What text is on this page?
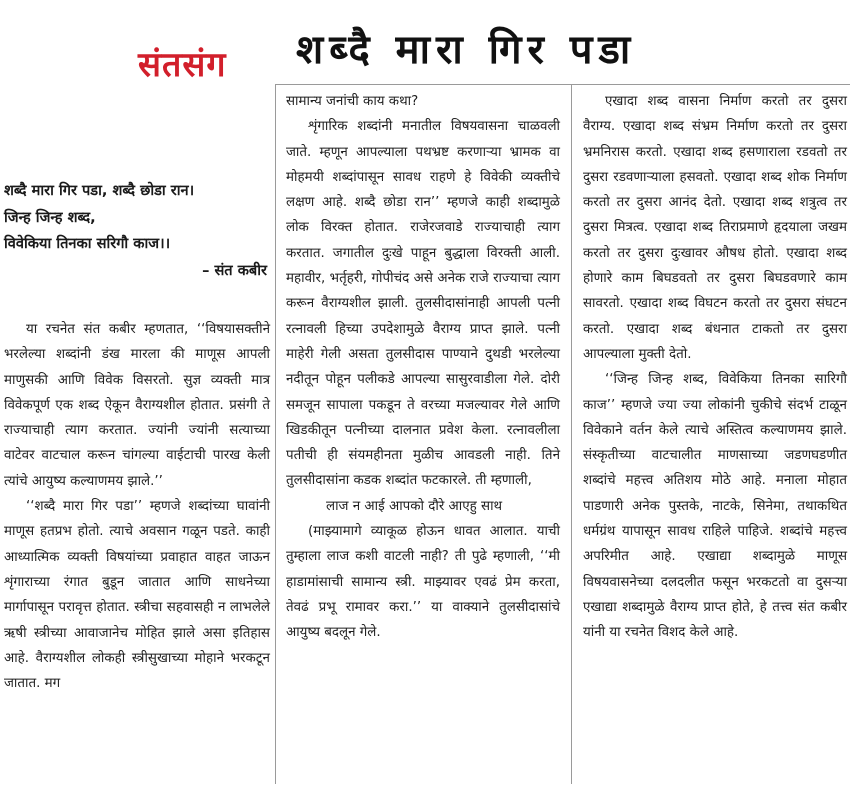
संतसंग शब्दै मारा गिर पडा
शब्दै मारा गिर पडा, शब्दै छोडा रान।
जिन्ह जिन्ह शब्द,
विवेकिया तिनका सरिगौ काज।।
– संत कबीर

या रचनेत संत कबीर म्हणतात, ‘‘विषयासक्तीने भरलेल्या शब्दांनी डंख मारला की माणूस आपली माणुसकी आणि विवेक विसरतो. सुज्ञ व्यक्ती मात्र विवेकपूर्ण एक शब्द ऐकून वैराग्यशील होतात. प्रसंगी ते राज्याचाही त्याग करतात. ज्यांनी ज्यांनी सत्याच्या वाटेवर वाटचाल करून चांगल्या वाईटाची पारख केली त्यांचे आयुष्य कल्याणमय झाले.’’

‘‘शब्दै मारा गिर पडा’’ म्हणजे शब्दांच्या घावांनी माणूस हतप्रभ होतो. त्याचे अवसान गळून पडते. काही आध्यात्मिक व्यक्ती विषयांच्या प्रवाहात वाहत जाऊन शृंगाराच्या रंगात बुडून जातात आणि साधनेच्या मार्गापासून परावृत्त होतात. स्त्रीचा सहवासही न लाभलेले ऋषी स्त्रीच्या आवाजानेच मोहित झाले असा इतिहास आहे. वैराग्यशील लोकही स्त्रीसुखाच्या मोहाने भरकटून जातात. मग

सामान्य जनांची काय कथा?

शृंगारिक शब्दांनी मनातील विषयवासना चाळवली जाते. म्हणून आपल्याला पथभ्रष्ट करणाऱ्या भ्रामक वा मोहमयी शब्दांपासून सावध राहणे हे विवेकी व्यक्तीचे लक्षण आहे. शब्दै छोडा रान’’ म्हणजे काही शब्दामुळे लोक विरक्त होतात. राजेरजवाडे राज्याचाही त्याग करतात. जगातील दुःखे पाहून बुद्धाला विरक्ती आली. महावीर, भर्तृहरी, गोपीचंद असे अनेक राजे राज्याचा त्याग करून वैराग्यशील झाली. तुलसीदासांनाही आपली पत्नी रत्नावली हिच्या उपदेशामुळे वैराग्य प्राप्त झाले. पत्नी माहेरी गेली असता तुलसीदास पाण्याने दुथडी भरलेल्या नदीतून पोहून पलीकडे आपल्या सासुरवाडीला गेले. दोरी समजून सापाला पकडून ते वरच्या मजल्यावर गेले आणि खिडकीतून पत्नीच्या दालनात प्रवेश केला. रत्नावलीला पतीची ही संयमहीनता मुळीच आवडली नाही. तिने तुलसीदासांना कडक शब्दांत फटकारले. ती म्हणाली,

लाज न आई आपको दौरे आएहु साथ

(माझ्यामागे व्याकूळ होऊन धावत आलात. याची तुम्हाला लाज कशी वाटली नाही? ती पुढे म्हणाली, ‘‘मी हाडामांसाची सामान्य स्त्री. माझ्यावर एवढं प्रेम करता, तेवढं प्रभू रामावर करा.’’ या वाक्याने तुलसीदासांचे आयुष्य बदलून गेले.

एखादा शब्द वासना निर्माण करतो तर दुसरा वैराग्य. एखादा शब्द संभ्रम निर्माण करतो तर दुसरा भ्रमनिरास करतो. एखादा शब्द हसणाराला रडवतो तर दुसरा रडवणाऱ्याला हसवतो. एखादा शब्द शोक निर्माण करतो तर दुसरा आनंद देतो. एखादा शब्द शत्रुत्व तर दुसरा मित्रत्व. एखादा शब्द तिराप्रमाणे हृदयाला जखम करतो तर दुसरा दुःखावर औषध होतो. एखादा शब्द होणारे काम बिघडवतो तर दुसरा बिघडवणारे काम सावरतो. एखादा शब्द विघटन करतो तर दुसरा संघटन करतो. एखादा शब्द बंधनात टाकतो तर दुसरा आपल्याला मुक्ती देतो.

‘‘जिन्ह जिन्ह शब्द, विवेकिया तिनका सारिगौ काज’’ म्हणजे ज्या ज्या लोकांनी चुकीचे संदर्भ टाळून विवेकाने वर्तन केले त्याचे अस्तित्व कल्याणमय झाले. संस्कृतीच्या वाटचालीत माणसाच्या जडणघडणीत शब्दांचे महत्त्व अतिशय मोठे आहे. मनाला मोहात पाडणारी अनेक पुस्तके, नाटके, सिनेमा, तथाकथित धर्मग्रंथ यापासून सावध राहिले पाहिजे. शब्दांचे महत्त्व अपरिमीत आहे. एखाद्या शब्दामुळे माणूस विषयवासनेच्या दलदलीत फसून भरकटतो वा दुसऱ्या एखाद्या शब्दामुळे वैराग्य प्राप्त होते, हे तत्त्व संत कबीर यांनी या रचनेत विशद केले आहे.
